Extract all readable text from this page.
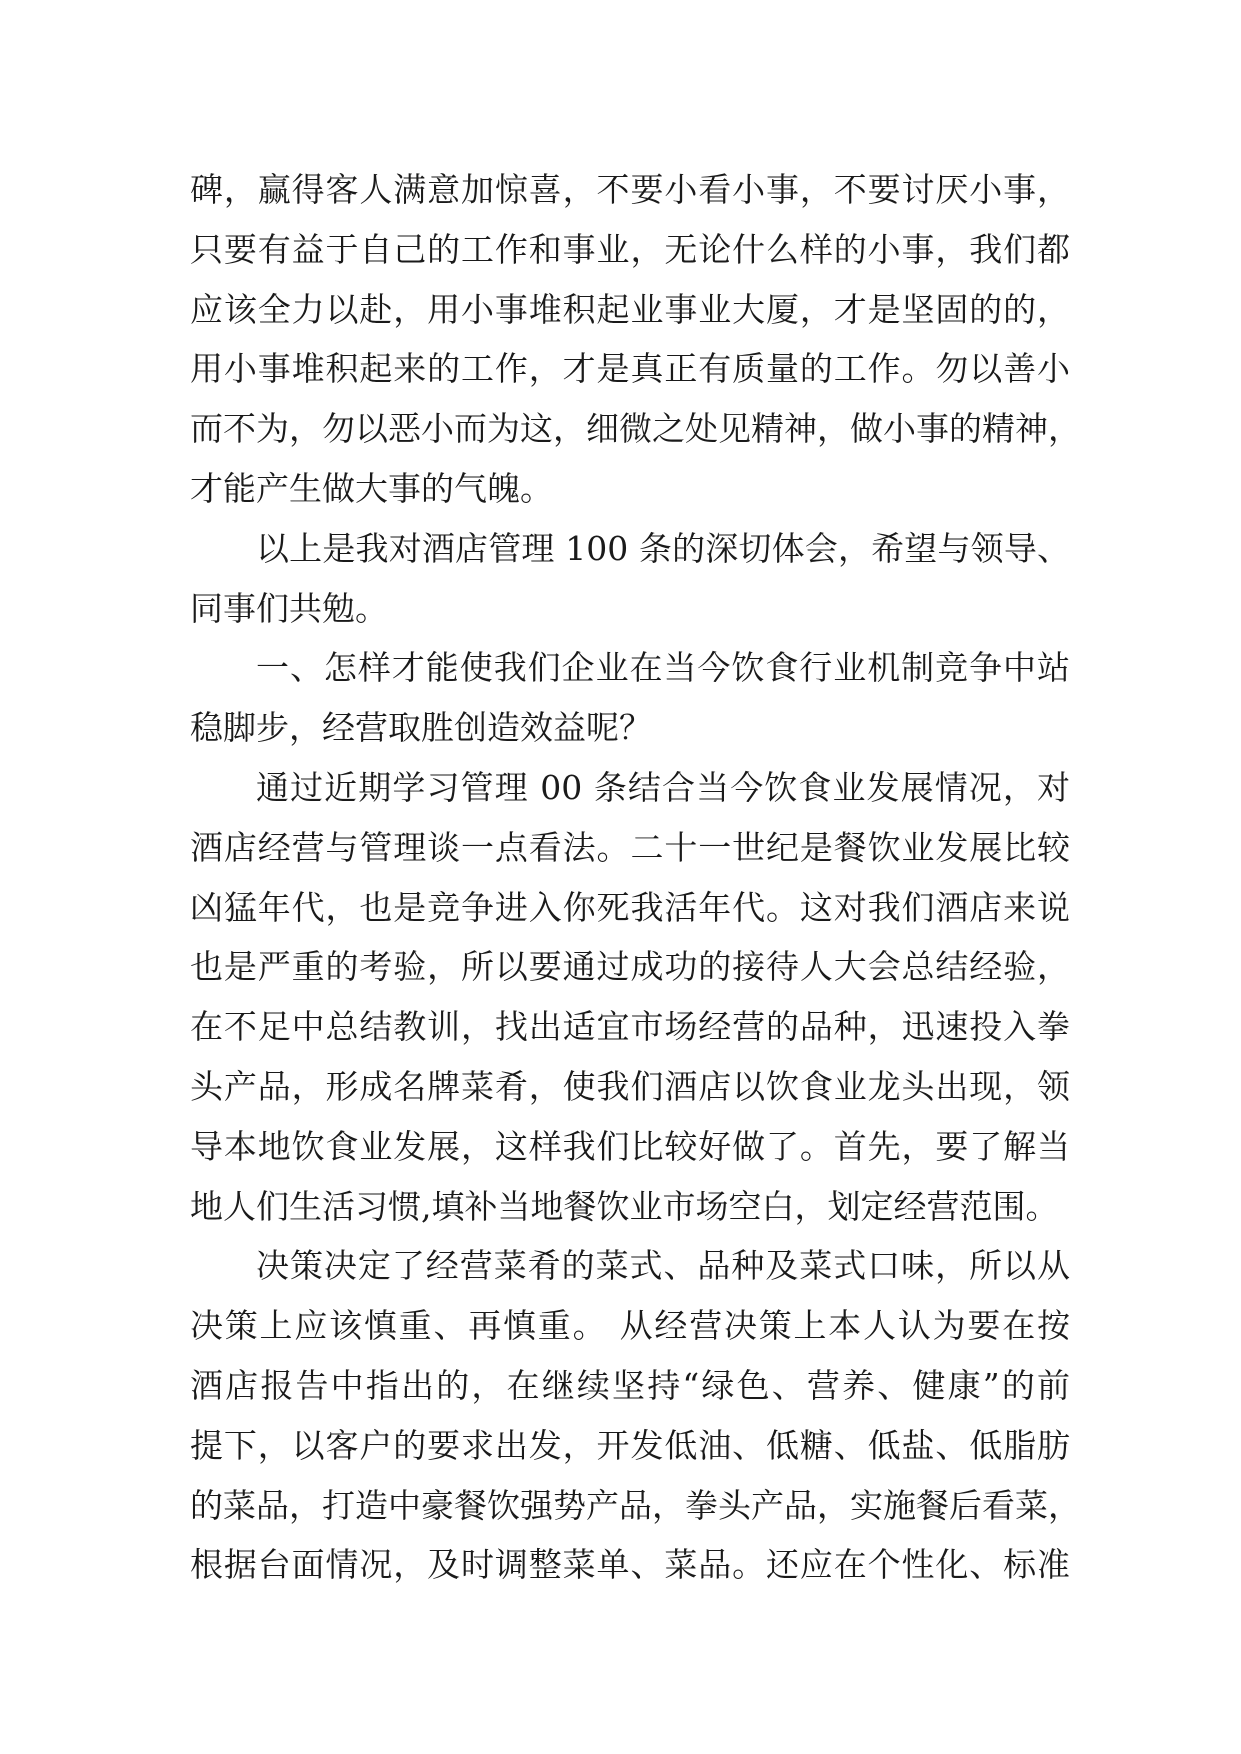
碑，赢得客人满意加惊喜，不要小看小事，不要讨厌小事，
只要有益于自己的工作和事业，无论什么样的小事，我们都
应该全力以赴，用小事堆积起业事业大厦，才是坚固的的，
用小事堆积起来的工作，才是真正有质量的工作。勿以善小
而不为，勿以恶小而为这，细微之处见精神，做小事的精神，
才能产生做大事的气魄。
以上是我对酒店管理 100 条的深切体会，希望与领导、
同事们共勉。
一、怎样才能使我们企业在当今饮食行业机制竞争中站
稳脚步，经营取胜创造效益呢？
通过近期学习管理 00 条结合当今饮食业发展情况，对
酒店经营与管理谈一点看法。二十一世纪是餐饮业发展比较
凶猛年代，也是竞争进入你死我活年代。这对我们酒店来说
也是严重的考验，所以要通过成功的接待人大会总结经验，
在不足中总结教训，找出适宜市场经营的品种，迅速投入拳
头产品，形成名牌菜肴，使我们酒店以饮食业龙头出现，领
导本地饮食业发展，这样我们比较好做了。首先，要了解当
地人们生活习惯,填补当地餐饮业市场空白，划定经营范围。
决策决定了经营菜肴的菜式、品种及菜式口味，所以从
决策上应该慎重、再慎重。 从经营决策上本人认为要在按
酒店报告中指出的，在继续坚持“绿色、营养、健康”的前
提下，以客户的要求出发，开发低油、低糖、低盐、低脂肪
的菜品，打造中豪餐饮强势产品，拳头产品，实施餐后看菜，
根据台面情况，及时调整菜单、菜品。还应在个性化、标准
